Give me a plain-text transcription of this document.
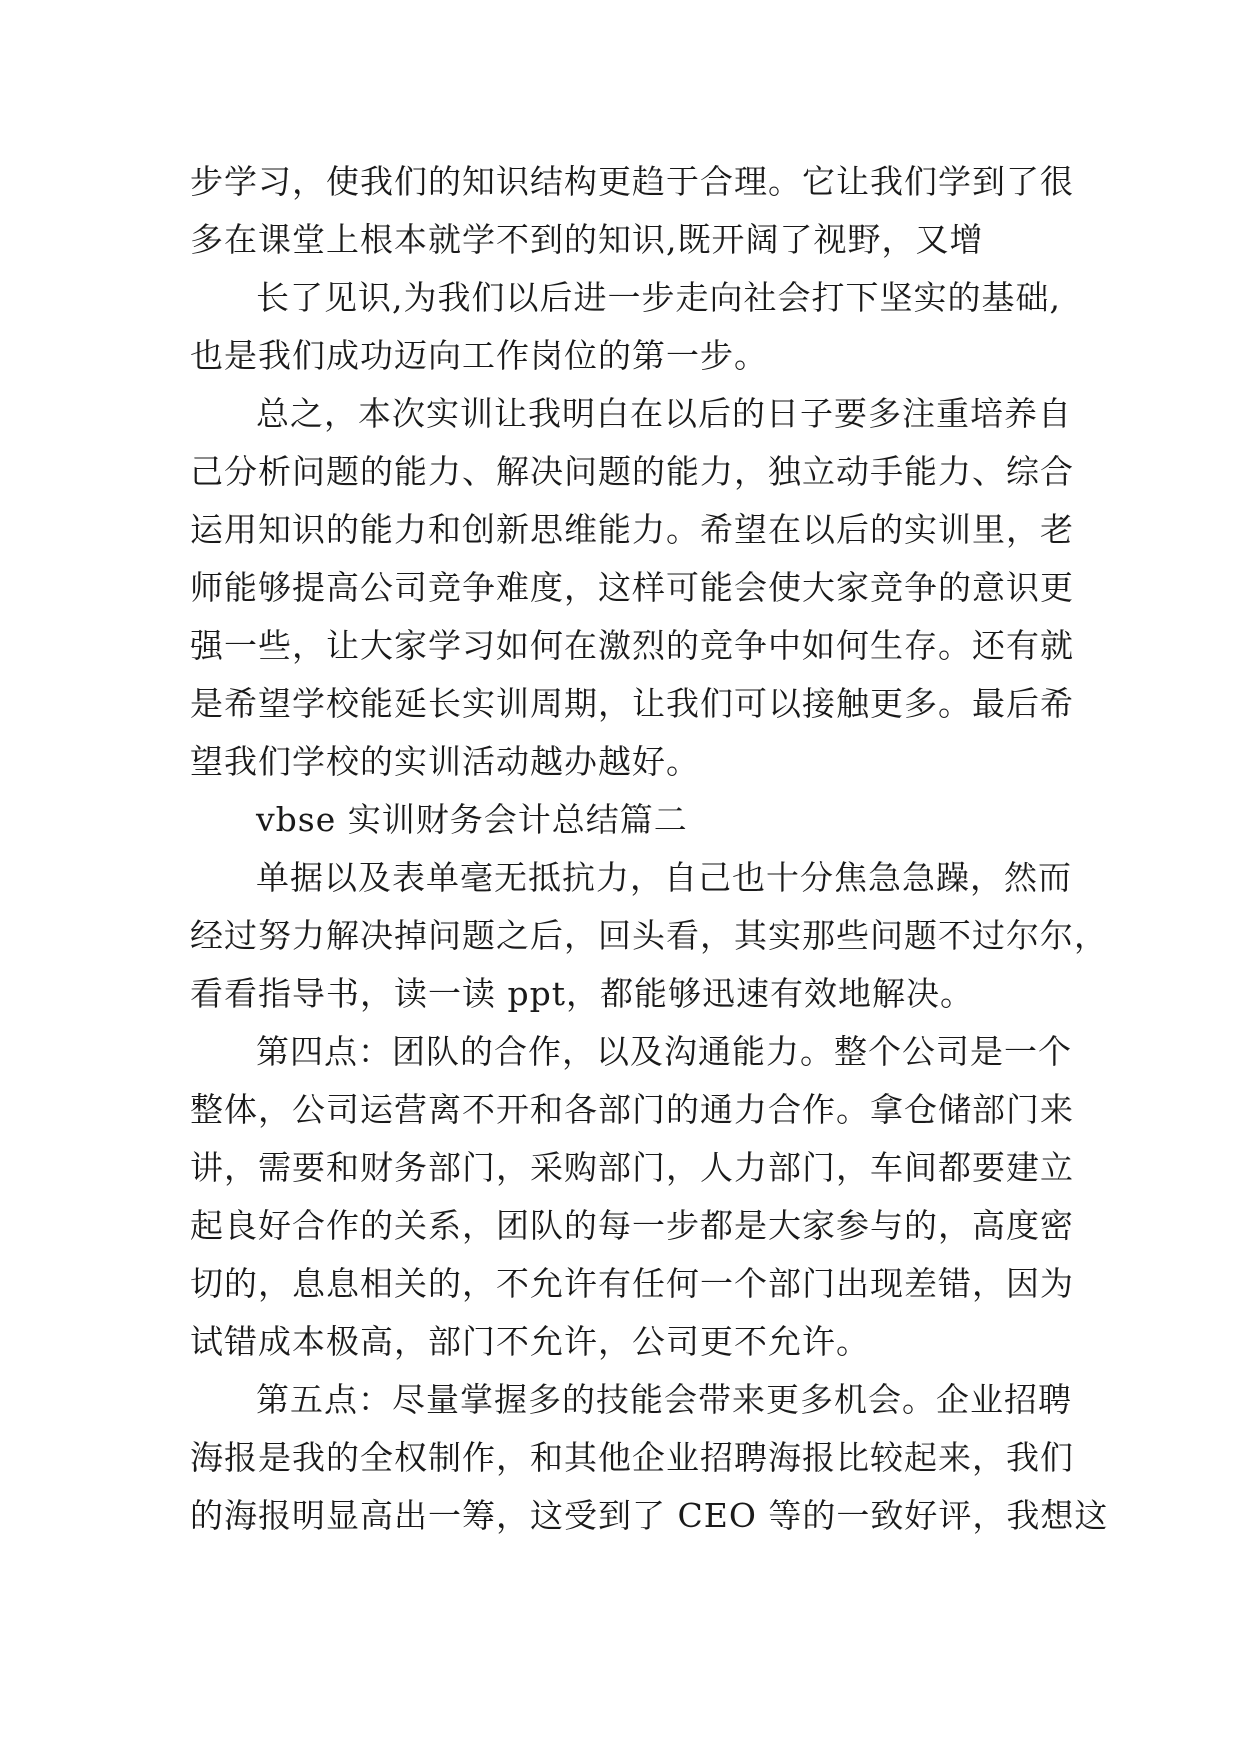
步学习，使我们的知识结构更趋于合理。它让我们学到了很
多在课堂上根本就学不到的知识,既开阔了视野，又增
长了见识,为我们以后进一步走向社会打下坚实的基础,
也是我们成功迈向工作岗位的第一步。
总之，本次实训让我明白在以后的日子要多注重培养自
己分析问题的能力、解决问题的能力，独立动手能力、综合
运用知识的能力和创新思维能力。希望在以后的实训里，老
师能够提高公司竞争难度，这样可能会使大家竞争的意识更
强一些，让大家学习如何在激烈的竞争中如何生存。还有就
是希望学校能延长实训周期，让我们可以接触更多。最后希
望我们学校的实训活动越办越好。
vbse 实训财务会计总结篇二
单据以及表单毫无抵抗力，自己也十分焦急急躁，然而
经过努力解决掉问题之后，回头看，其实那些问题不过尔尔，
看看指导书，读一读 ppt，都能够迅速有效地解决。
第四点：团队的合作，以及沟通能力。整个公司是一个
整体，公司运营离不开和各部门的通力合作。拿仓储部门来
讲，需要和财务部门，采购部门，人力部门，车间都要建立
起良好合作的关系，团队的每一步都是大家参与的，高度密
切的，息息相关的，不允许有任何一个部门出现差错，因为
试错成本极高，部门不允许，公司更不允许。
第五点：尽量掌握多的技能会带来更多机会。企业招聘
海报是我的全权制作，和其他企业招聘海报比较起来，我们
的海报明显高出一筹，这受到了 CEO 等的一致好评，我想这
